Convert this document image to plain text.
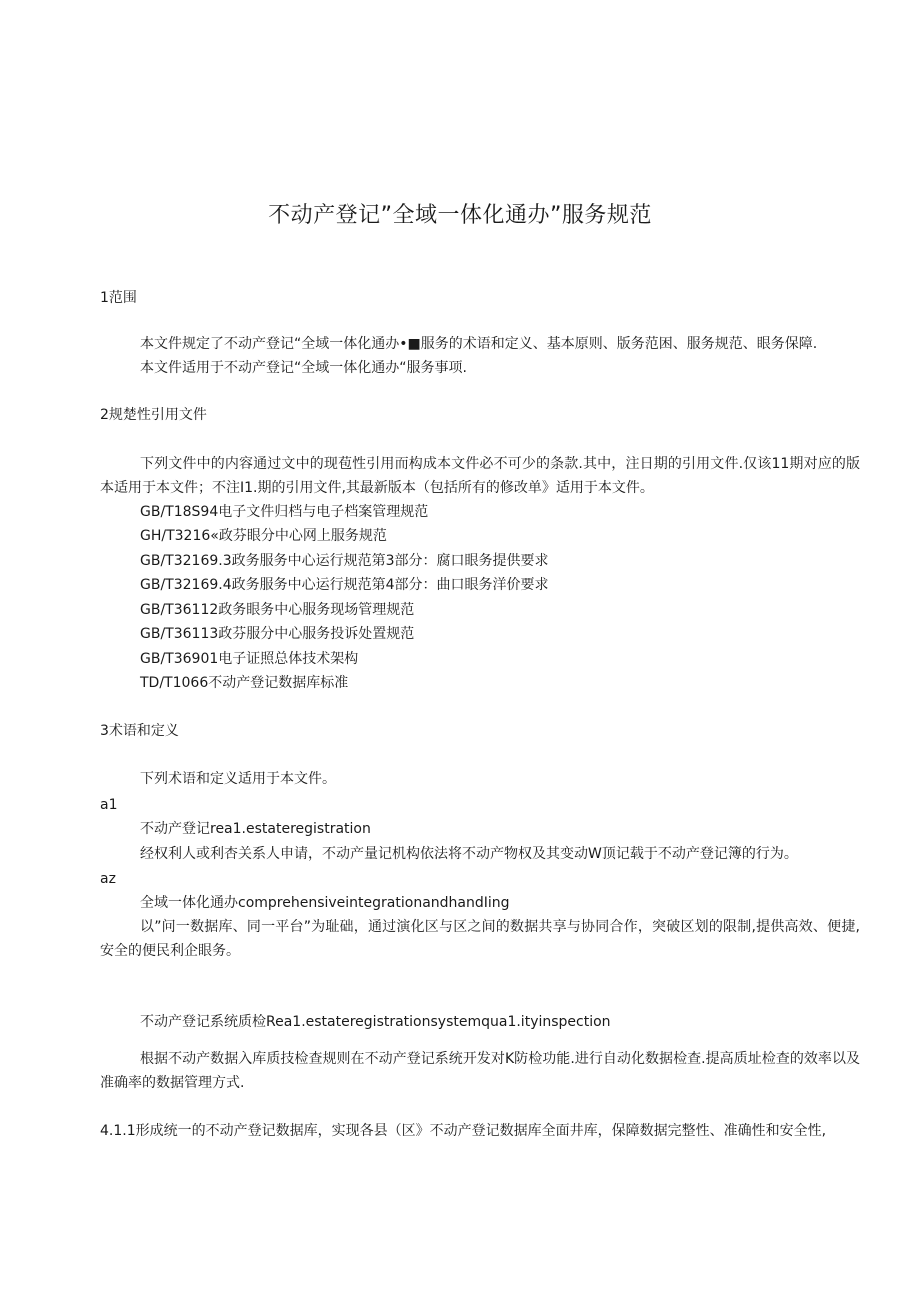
不动产登记”全域一体化通办”服务规范
1范围
本文件规定了不动产登记“全域一体化通办•■服务的术语和定义、基本原则、版务范困、服务规范、眼务保障.
本文件适用于不动产登记“全域一体化通办“服务事项.
2规楚性引用文件
下列文件中的内容通过文中的现苞性引用而构成本文件必不可少的条款.其中，注日期的引用文件.仅该11期对应的版本适用于本文件；不注I1.期的引用文件,其最新版本（包括所有的修改单》适用于本文件。
GB/T18S94电子文件归档与电子档案管理规范
GH/T3216«政芬眼分中心网上服务规范
GB/T32169.3政务服务中心运行规范第3部分：腐口眼务提供要求
GB/T32169.4政务服务中心运行规范第4部分：曲口眼务洋价要求
GB/T36112政务眼务中心服务现场管理规范
GB/T36113政芬服分中心服务投诉处置规范
GB/T36901电子证照总体技术架构
TD/T1066不动产登记数据库标准
3术语和定义
下列术语和定义适用于本文件。
a1
不动产登记rea1.estateregistration
经权利人或利杏关系人申请，不动产量记机构依法将不动产物权及其变动W顶记载于不动产登记簿的行为。
az
全域一体化通办comprehensiveintegrationandhandIing
以”问一数据库、同一平台”为耻础，通过演化区与区之间的数据共享与协同合作，突破区划的限制,提供高效、便捷,安全的便民利企眼务。
不动产登记系统质检Rea1.estateregistrationsystemqua1.ityinspection
根据不动产数据入库质技检查规则在不动产登记系统开发对K防检功能.进行自动化数据检查.提高质址检查的效率以及准确率的数据管理方式.
4.1.1形成统一的不动产登记数据库，实现各县（区》不动产登记数据库全面井库，保障数据完整性、准确性和安全性,
